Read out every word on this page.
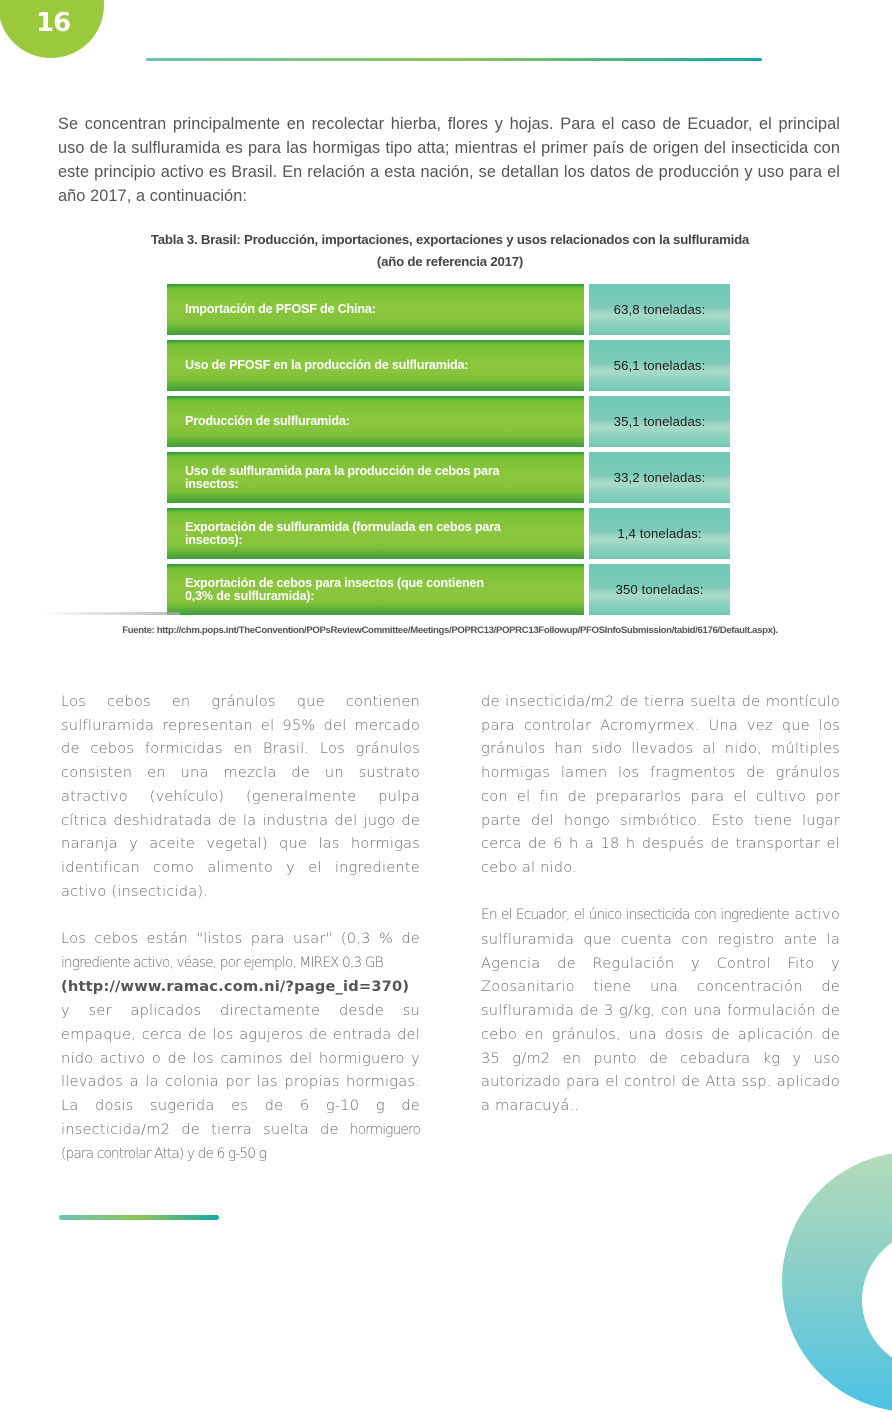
16
Se concentran principalmente en recolectar hierba, flores y hojas. Para el caso de Ecuador, el principal uso de la sulfluramida es para las hormigas tipo atta; mientras el primer país de origen del insecticida con este principio activo es Brasil. En relación a esta nación, se detallan los datos de producción y uso para el año 2017, a continuación:
Tabla 3. Brasil: Producción, importaciones, exportaciones y usos relacionados con la sulfluramida
(año de referencia 2017)
Importación de PFOSF de China:	63,8 toneladas:
Uso de PFOSF en la producción de sulfluramida:	56,1 toneladas:
Producción de sulfluramida:	35,1 toneladas:
Uso de sulfluramida para la producción de cebos para insectos:	33,2 toneladas:
Exportación de sulfluramida (formulada en cebos para insectos):	1,4 toneladas:
Exportación de cebos para insectos (que contienen 0,3% de sulfluramida):	350 toneladas:
Fuente: http://chm.pops.int/TheConvention/POPsReviewCommittee/Meetings/POPRC13/POPRC13Followup/PFOSInfoSubmission/tabid/6176/Default.aspx).

Los cebos en gránulos que contienen sulfluramida representan el 95% del mercado de cebos formicidas en Brasil. Los gránulos consisten en una mezcla de un sustrato atractivo (vehículo) (generalmente pulpa cítrica deshidratada de la industria del jugo de naranja y aceite vegetal) que las hormigas identifican como alimento y el ingrediente activo (insecticida).

Los cebos están "listos para usar" (0,3 % de ingrediente activo, véase, por ejemplo, MIREX 0,3 GB
(http://www.ramac.com.ni/?page_id=370) y ser aplicados directamente desde su empaque, cerca de los agujeros de entrada del nido activo o de los caminos del hormiguero y llevados a la colonia por las propias hormigas. La dosis sugerida es de 6 g-10 g de insecticida/m2 de tierra suelta de hormiguero (para controlar Atta) y de 6 g-50 g

de insecticida/m2 de tierra suelta de montículo para controlar Acromyrmex. Una vez que los gránulos han sido llevados al nido, múltiples hormigas lamen los fragmentos de gránulos con el fin de prepararlos para el cultivo por parte del hongo simbiótico. Esto tiene lugar cerca de 6 h a 18 h después de transportar el cebo al nido.

En el Ecuador, el único insecticida con ingrediente activo sulfluramida que cuenta con registro ante la Agencia de Regulación y Control Fito y Zoosanitario tiene una concentración de sulfluramida de 3 g/kg, con una formulación de cebo en gránulos, una dosis de aplicación de 35 g/m2 en punto de cebadura kg y uso autorizado para el control de Atta ssp. aplicado a maracuyá..
